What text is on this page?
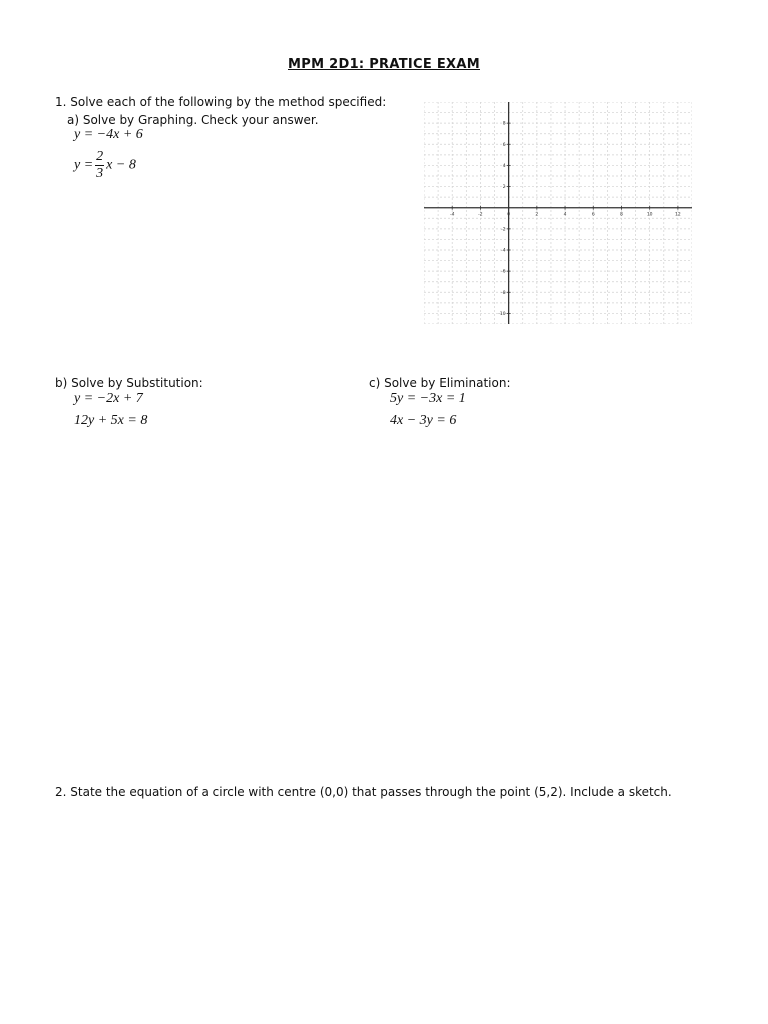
MPM 2D1: PRATICE EXAM
1. Solve each of the following by the method specified:
a) Solve by Graphing. Check your answer.
y = −4x + 6
$y = \frac{2}{3}$ x − 8
-4	-2	0	2	4	6	8	10	12
8
6
4
2
-2
-4
-6
-8
-10
b) Solve by Substitution:
y = −2x + 7
12y + 5x = 8
c) Solve by Elimination:
5y = −3x = 1
4x − 3y = 6
2. State the equation of a circle with centre (0,0) that passes through the point (5,2). Include a sketch.
